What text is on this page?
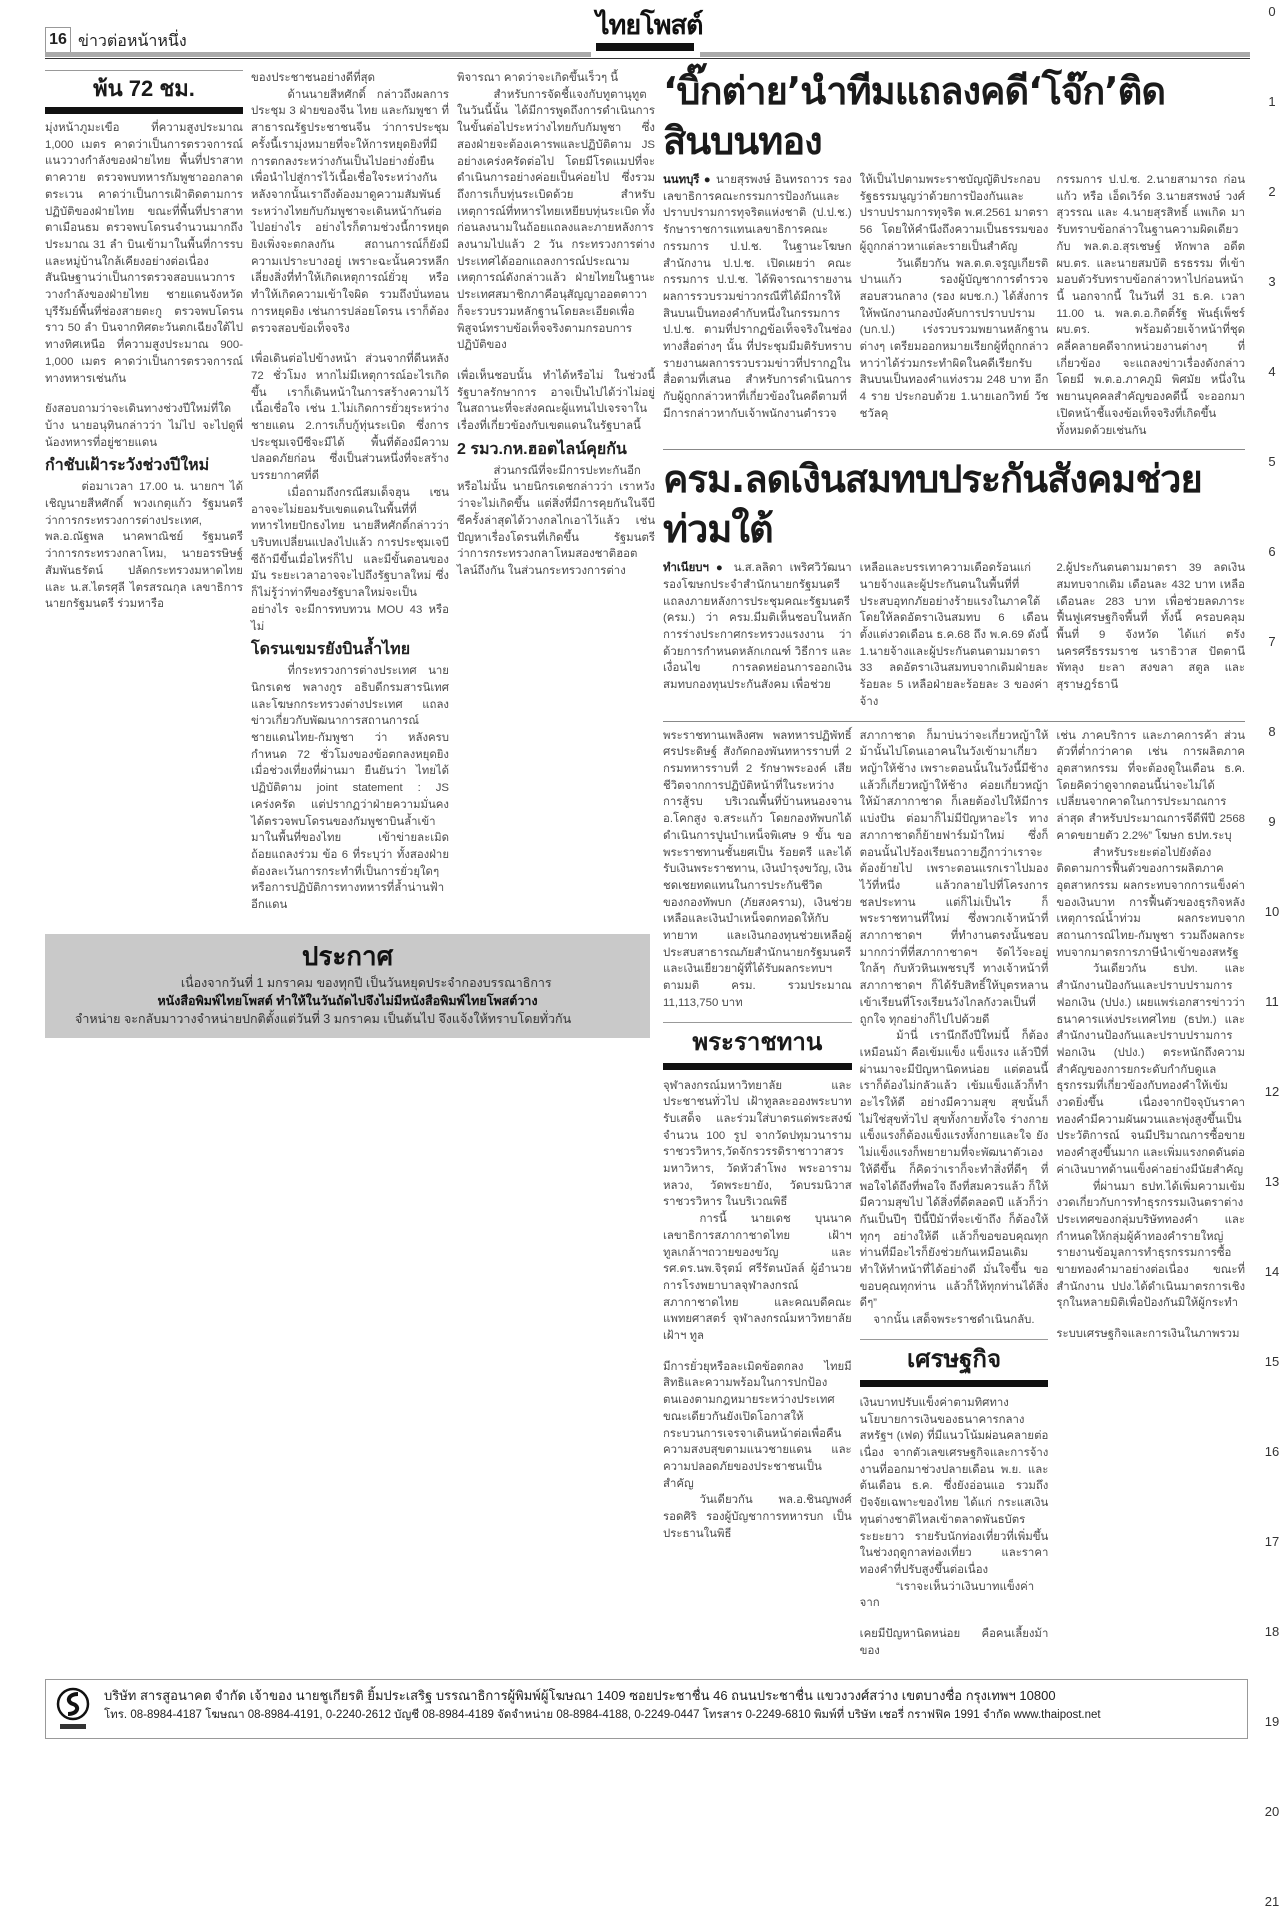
16 ข่าวต่อหน้าหนึ่ง
ไทยโพสต์
พ้น 72 ชม.

มุ่งหน้าภูมะเขือ ที่ความสูงประมาณ 1,000 เมตร คาดว่าเป็นการตรวจการณ์แนววางกำลังของฝ่ายไทย พื้นที่ปราสาทตาควาย ตรวจพบทหารกัมพูชาออกลาดตระเวน คาดว่าเป็นการเฝ้าติดตามการปฏิบัติของฝ่ายไทย ขณะที่พื้นที่ปราสาทตาเมือนธม ตรวจพบโดรนจำนวนมากถึงประมาณ 31 ลำ บินเข้ามาในพื้นที่การรบและหมู่บ้านใกล้เคียงอย่างต่อเนื่อง สันนิษฐานว่าเป็นการตรวจสอบแนวการวางกำลังของฝ่ายไทย ชายแดนจังหวัดบุรีรัมย์พื้นที่ช่องสายตะกู ตรวจพบโดรนราว 50 ลำ บินจากทิศตะวันตกเฉียงใต้ไปทางทิศเหนือ ที่ความสูงประมาณ 900-1,000 เมตร คาดว่าเป็นการตรวจการณ์ทางทหารเช่นกัน

ยังสอบถามว่าจะเดินทางช่วงปีใหม่ที่ใดบ้าง นายอนุทินกล่าวว่า ไม่ไป จะไปดูพี่น้องทหารที่อยู่ชายแดน

กำชับเฝ้าระวังช่วงปีใหม่

ต่อมาเวลา 17.00 น. นายกฯ ได้เชิญนายสีหศักดิ์ พวงเกตุแก้ว รัฐมนตรีว่าการกระทรวงการต่างประเทศ, พล.อ.ณัฐพล นาคพาณิชย์ รัฐมนตรีว่าการกระทรวงกลาโหม, นายอรรษิษฐ์ สัมพันธรัตน์ ปลัดกระทรวงมหาดไทย และ น.ส.ไตรศุลี ไตรสรณกุล เลขาธิการนายกรัฐมนตรี ร่วมหารือ

ของประชาชนอย่างดีที่สุด

ด้านนายสีหศักดิ์ กล่าวถึงผลการประชุม 3 ฝ่ายของจีน ไทย และกัมพูชา ที่สาธารณรัฐประชาชนจีน ว่าการประชุมครั้งนี้เรามุ่งหมายที่จะให้การหยุดยิงที่มีการตกลงระหว่างกันเป็นไปอย่างยั่งยืน เพื่อนำไปสู่การไว้เนื้อเชื่อใจระหว่างกัน หลังจากนั้นเราถึงต้องมาดูความสัมพันธ์ระหว่างไทยกับกัมพูชาจะเดินหน้ากันต่อไปอย่างไร อย่างไรก็ตามช่วงนี้การหยุดยิงเพิ่งจะตกลงกัน สถานการณ์ก็ยังมีความเปราะบางอยู่ เพราะฉะนั้นควรหลีกเลี่ยงสิ่งที่ทำให้เกิดเหตุการณ์ยั่วยุ หรือทำให้เกิดความเข้าใจผิด รวมถึงบั่นทอนการหยุดยิง เช่นการปล่อยโดรน เราก็ต้องตรวจสอบข้อเท็จจริง

เพื่อเดินต่อไปข้างหน้า ส่วนจากที่ดีนหลัง 72 ชั่วโมง หากไม่มีเหตุการณ์อะไรเกิดขึ้น เราก็เดินหน้าในการสร้างความไว้เนื้อเชื่อใจ เช่น 1.ไม่เกิดการยั่วยุระหว่างชายแดน 2.การเก็บกู้ทุ่นระเบิด ซึ่งการประชุมเจบีซีจะมีได้ พื้นที่ต้องมีความปลอดภัยก่อน ซึ่งเป็นส่วนหนึ่งที่จะสร้างบรรยากาศที่ดี

เมื่อถามถึงกรณีสมเด็จฮุน เซน อาจจะไม่ยอมรับเขตแดนในพื้นที่ที่ทหารไทยปักธงไทย นายสีหศักดิ์กล่าวว่า บริบทเปลี่ยนแปลงไปแล้ว การประชุมเจบีซีถ้ามีขึ้นเมื่อไหร่ก็ไป และมีขั้นตอนของมัน ระยะเวลาอาจจะไปถึงรัฐบาลใหม่ ซึ่งก็ไม่รู้ว่าท่าทีของรัฐบาลใหม่จะเป็นอย่างไร จะมีการทบทวน MOU 43 หรือไม่

โดรนเขมรยังบินล้ำไทย

ที่กระทรวงการต่างประเทศ นายนิกรเดช พลางกูร อธิบดีกรมสารนิเทศ และโฆษกกระทรวงต่างประเทศ แถลงข่าวเกี่ยวกับพัฒนาการสถานการณ์ชายแดนไทย-กัมพูชา ว่า หลังครบกำหนด 72 ชั่วโมงของข้อตกลงหยุดยิงเมื่อช่วงเที่ยงที่ผ่านมา ยืนยันว่า ไทยได้ปฏิบัติตาม joint statement : JS เคร่งครัด แต่ปรากฏว่าฝ่ายความมั่นคงได้ตรวจพบโดรนของกัมพูชาบินล้ำเข้ามาในพื้นที่ของไทย เข้าข่ายละเมิดถ้อยแถลงร่วม ข้อ 6 ที่ระบุว่า ทั้งสองฝ่ายต้องละเว้นการกระทำที่เป็นการยั่วยุใดๆ หรือการปฏิบัติการทางทหารที่ล้ำน่านฟ้าอีกแดน

พิจารณา คาดว่าจะเกิดขึ้นเร็วๆ นี้

สำหรับการจัดชี้แจงกับทูตานุทูตในวันนี้นั้น ได้มีการพูดถึงการดำเนินการในขั้นต่อไประหว่างไทยกับกัมพูชา ซึ่งสองฝ่ายจะต้องเคารพและปฏิบัติตาม JS อย่างเคร่งครัดต่อไป โดยมีโรดแมปที่จะดำเนินการอย่างค่อยเป็นค่อยไป ซึ่งรวมถึงการเก็บทุ่นระเบิดด้วย สำหรับเหตุการณ์ที่ทหารไทยเหยียบทุ่นระเบิด ทั้งก่อนลงนามในถ้อยแถลงและภายหลังการลงนามไปแล้ว 2 วัน กระทรวงการต่างประเทศได้ออกแถลงการณ์ประณามเหตุการณ์ดังกล่าวแล้ว ฝ่ายไทยในฐานะประเทศสมาชิกภาคีอนุสัญญาออตตาวา ก็จะรวบรวมหลักฐานโดยละเอียดเพื่อพิสูจน์ทราบข้อเท็จจริงตามกรอบการปฏิบัติของ

เพื่อเห็นชอบนั้น ทำได้หรือไม่ ในช่วงนี้รัฐบาลรักษาการ อาจเป็นไปได้ว่าไม่อยู่ในสถานะที่จะส่งคณะผู้แทนไปเจรจาในเรื่องที่เกี่ยวข้องกับเขตแดนในรัฐบาลนี้

2 รมว.กห.ฮอตไลน์คุยกัน

ส่วนกรณีที่จะมีการปะทะกันอีกหรือไม่นั้น นายนิกรเดชกล่าวว่า เราหวังว่าจะไม่เกิดขึ้น แต่สิ่งที่มีการคุยกันในจีบีซีครั้งล่าสุดได้วางกลไกเอาไว้แล้ว เช่น ปัญหาเรื่องโดรนที่เกิดขึ้น รัฐมนตรีว่าการกระทรวงกลาโหมสองชาติฮอตไลน์ถึงกัน ในส่วนกระทรวงการต่าง

ประกาศ
เนื่องจากวันที่ 1 มกราคม ของทุกปี เป็นวันหยุดประจำกองบรรณาธิการ
หนังสือพิมพ์ไทยโพสต์ ทำให้ในวันถัดไปจึงไม่มีหนังสือพิมพ์ไทยโพสต์วาง
จำหน่าย จะกลับมาวางจำหน่ายปกติตั้งแต่วันที่ 3 มกราคม เป็นต้นไป จึงแจ้งให้ทราบโดยทั่วกัน
‘บิ๊กต่าย’นำทีมแถลงคดี‘โจ๊ก’ติดสินบนทอง

นนทบุรี ● นายสุรพงษ์ อินทรถาวร รองเลขาธิการคณะกรรมการป้องกันและปราบปรามการทุจริตแห่งชาติ (ป.ป.ช.) รักษาราชการแทนเลขาธิการคณะกรรมการ ป.ป.ช. ในฐานะโฆษกสำนักงาน ป.ป.ช. เปิดเผยว่า คณะกรรมการ ป.ป.ช. ได้พิจารณารายงานผลการรวบรวมข่าวกรณีที่ได้มีการให้สินบนเป็นทองคำกับหนึ่งในกรรมการ ป.ป.ช. ตามที่ปรากฏข้อเท็จจริงในช่องทางสื่อต่างๆ นั้น ที่ประชุมมีมติรับทราบรายงานผลการรวบรวมข่าวที่ปรากฏในสื่อตามที่เสนอ สำหรับการดำเนินการกับผู้ถูกกล่าวหาที่เกี่ยวข้องในคดีตามที่มีการกล่าวหากับเจ้าพนักงานตำรวจ

ให้เป็นไปตามพระราชบัญญัติประกอบรัฐธรรมนูญว่าด้วยการป้องกันและปราบปรามการทุจริต พ.ศ.2561 มาตรา 56 โดยให้คำนึงถึงความเป็นธรรมของผู้ถูกกล่าวหาแต่ละรายเป็นสำคัญ

วันเดียวกัน พล.ต.ต.จรูญเกียรติ ปานแก้ว รองผู้บัญชาการตำรวจสอบสวนกลาง (รอง ผบช.ก.) ได้สั่งการให้พนักงานกองบังคับการปราบปราม (บก.ป.) เร่งรวบรวมพยานหลักฐานต่างๆ เตรียมออกหมายเรียกผู้ที่ถูกกล่าวหาว่าได้ร่วมกระทำผิดในคดีเรียกรับสินบนเป็นทองคำแท่งรวม 248 บาท อีก 4 ราย ประกอบด้วย 1.นายเอกวิทย์ วัชชวัลคุ

กรรมการ ป.ป.ช. 2.นายสามารถ ก่อนแก้ว หรือ เอ็ดเวิร์ด 3.นายสรพงษ์ วงศ์สุวรรณ และ 4.นายสุรสิทธิ์ แพเกิด มารับทราบข้อกล่าวในฐานความผิดเดียวกับ พล.ต.อ.สุรเชษฐ์ หักพาล อดีต ผบ.ตร. และนายสมบัติ ธรธรรม ที่เข้ามอบตัวรับทราบข้อกล่าวหาไปก่อนหน้านี้ นอกจากนี้ ในวันที่ 31 ธ.ค. เวลา 11.00 น. พล.ต.อ.กิตติ์รัฐ พันธุ์เพ็ชร์ ผบ.ตร. พร้อมด้วยเจ้าหน้าที่ชุดคลี่คลายคดีจากหน่วยงานต่างๆ ที่เกี่ยวข้อง จะแถลงข่าวเรื่องดังกล่าว โดยมี พ.ต.อ.ภาคภูมิ พิศมัย หนึ่งในพยานบุคคลสำคัญของคดีนี้ จะออกมาเปิดหน้าชี้แจงข้อเท็จจริงที่เกิดขึ้นทั้งหมดด้วยเช่นกัน

ครม.ลดเงินสมทบประกันสังคมช่วยท่วมใต้

ทำเนียบฯ ● น.ส.ลลิดา เพริศวิวัฒนา รองโฆษกประจำสำนักนายกรัฐมนตรี แถลงภายหลังการประชุมคณะรัฐมนตรี (ครม.) ว่า ครม.มีมติเห็นชอบในหลักการร่างประกาศกระทรวงแรงงาน ว่าด้วยการกำหนดหลักเกณฑ์ วิธีการ และเงื่อนไข การลดหย่อนการออกเงินสมทบกองทุนประกันสังคม เพื่อช่วย

เหลือและบรรเทาความเดือดร้อนแก่นายจ้างและผู้ประกันตนในพื้นที่ที่ประสบอุทกภัยอย่างร้ายแรงในภาคใต้ โดยให้ลดอัตราเงินสมทบ 6 เดือน ตั้งแต่งวดเดือน ธ.ค.68 ถึง พ.ค.69 ดังนี้ 1.นายจ้างและผู้ประกันตนตามมาตรา 33 ลดอัตราเงินสมทบจากเดิมฝ่ายละร้อยละ 5 เหลือฝ่ายละร้อยละ 3 ของค่าจ้าง

2.ผู้ประกันตนตามมาตรา 39 ลดเงินสมทบจากเดิม เดือนละ 432 บาท เหลือเดือนละ 283 บาท เพื่อช่วยลดภาระฟื้นฟูเศรษฐกิจพื้นที่ ทั้งนี้ ครอบคลุมพื้นที่ 9 จังหวัด ได้แก่ ตรัง นครศรีธรรมราช นราธิวาส ปัตตานี พัทลุง ยะลา สงขลา สตูล และสุราษฎร์ธานี

พระราชทานเพลิงศพ พลทหารปฏิพัทธิ์ ศรประดิษฐ์ สังกัดกองพันทหารราบที่ 2 กรมทหารราบที่ 2 รักษาพระองค์ เสียชีวิตจากการปฏิบัติหน้าที่ในระหว่างการสู้รบ บริเวณพื้นที่บ้านหนองจาน อ.โคกสูง จ.สระแก้ว โดยกองทัพบกได้ดำเนินการปูนบำเหน็จพิเศษ 9 ขั้น ขอพระราชทานชั้นยศเป็น ร้อยตรี และได้รับเงินพระราชทาน, เงินบำรุงขวัญ, เงินชดเชยทดแทนในการประกันชีวิตของกองทัพบก (ภัยสงคราม), เงินช่วยเหลือและเงินบำเหน็จตกทอดให้กับทายาท และเงินกองทุนช่วยเหลือผู้ประสบสาธารณภัยสำนักนายกรัฐมนตรีและเงินเยียวยาผู้ที่ได้รับผลกระทบฯ ตามมติ ครม. รวมประมาณ 11,113,750 บาท

พระราชทาน

จุฬาลงกรณ์มหาวิทยาลัย และประชาชนทั่วไป เฝ้าทูลละอองพระบาทรับเสด็จ และร่วมใส่บาตรแด่พระสงฆ์จำนวน 100 รูป จากวัดปทุมวนารามราชวรวิหาร,วัดจักรวรรดิราชาวาสวรมหาวิหาร, วัดหัวลำโพง พระอารามหลวง, วัดพระยายัง, วัดบรมนิวาสราชวรวิหาร ในบริเวณพิธี

การนี้ นายเดช บุนนาค เลขาธิการสภากาชาดไทย เฝ้าฯ ทูลเกล้าฯถวายของขวัญ และ รศ.ดร.นพ.จิรุตม์ ศรีรัตนบัลล์ ผู้อำนวยการโรงพยาบาลจุฬาลงกรณ์ สภากาชาดไทย และคณบดีคณะแพทยศาสตร์ จุฬาลงกรณ์มหาวิทยาลัย เฝ้าฯ ทูล

มีการยั่วยุหรือละเมิดข้อตกลง ไทยมีสิทธิและความพร้อมในการปกป้องตนเองตามกฎหมายระหว่างประเทศ ขณะเดียวกันยังเปิดโอกาสให้กระบวนการเจรจาเดินหน้าต่อเพื่อคืนความสงบสุขตามแนวชายแดน และความปลอดภัยของประชาชนเป็นสำคัญ

วันเดียวกัน พล.อ.ชินญพงศ์ รอดศิริ รองผู้บัญชาการทหารบก เป็นประธานในพิธี

สภากาชาด ก็มาบ่นว่าจะเกี่ยวหญ้าให้ม้านั้นไปโดนเอาคนในวังเข้ามาเกี่ยวหญ้าให้ช้าง เพราะตอนนั้นในวังนี้มีช้างแล้วก็เกี่ยวหญ้าให้ช้าง ค่อยเกี่ยวหญ้าให้ม้าสภากาชาด ก็เลยต้องไปให้มีการแบ่งปัน ต่อมาก็ไม่มีปัญหาอะไร ทางสภากาชาดก็ย้ายฟาร์มม้าใหม่ ซึ่งก็ตอนนั้นไปร้องเรียนถวายฎีกาว่าเราจะต้องย้ายไป เพราะตอนแรกเราไปมองไว้ที่หนึ่ง แล้วกลายไปที่โครงการชลประทาน แต่ก็ไม่เป็นไร ก็พระราชทานที่ใหม่ ซึ่งพวกเจ้าหน้าที่สภากาชาดฯ ที่ทำงานตรงนั้นชอบมากกว่าที่ที่สภากาชาดฯ จัดไว้จะอยู่ใกล้ๆ กับหัวหินเพชรบุรี ทางเจ้าหน้าที่สภากาชาดฯ ก็ได้รับสิทธิ์ให้บุตรหลานเข้าเรียนที่โรงเรียนวังไกลกังวลเป็นที่ถูกใจ ทุกอย่างก็ไปไปด้วยดี

ม้านี่ เรานึกถึงปีใหม่นี้ ก็ต้องเหมือนม้า คือเข้มแข็ง แข็งแรง แล้วปีที่ผ่านมาจะมีปัญหานิดหน่อย แต่ตอนนี้เราก็ต้องไม่กลัวแล้ว เข้มแข็งแล้วก็ทำอะไรให้ดี อย่างมีความสุข สุขนั้นก็ไม่ใช่สุขทั่วไป สุขทั้งกายทั้งใจ ร่างกายแข็งแรงก็ต้องแข็งแรงทั้งกายและใจ ยังไม่แข็งแรงก็พยายามที่จะพัฒนาตัวเองให้ดีขึ้น ก็คิดว่าเราก็จะทำสิ่งที่ดีๆ ที่พอใจได้ถึงที่พอใจ ถึงที่สมควรแล้ว ก็ให้มีความสุขไป ได้สิ่งที่ดีตลอดปี แล้วก็ว่ากันเป็นปีๆ ปีนี้ปีม้าที่จะเข้าถึง ก็ต้องให้ทุกๆ อย่างให้ดี แล้วก็ขอขอบคุณทุกท่านที่มีอะไรก็ยังช่วยกันเหมือนเดิม ทำให้ทำหน้าที่ได้อย่างดี มั่นใจขึ้น ขอขอบคุณทุกท่าน แล้วก็ให้ทุกท่านได้สิ่งดีๆ”

จากนั้น เสด็จพระราชดำเนินกลับ.

เศรษฐกิจ

เงินบาทปรับแข็งค่าตามทิศทางนโยบายการเงินของธนาคารกลางสหรัฐฯ (เฟด) ที่มีแนวโน้มผ่อนคลายต่อเนื่อง จากตัวเลขเศรษฐกิจและการจ้างงานที่ออกมาช่วงปลายเดือน พ.ย. และต้นเดือน ธ.ค. ซึ่งยังอ่อนแอ รวมถึงปัจจัยเฉพาะของไทย ได้แก่ กระแสเงินทุนต่างชาติไหลเข้าตลาดพันธบัตรระยะยาว รายรับนักท่องเที่ยวที่เพิ่มขึ้นในช่วงฤดูกาลท่องเที่ยว และราคาทองคำที่ปรับสูงขึ้นต่อเนื่อง

“เราจะเห็นว่าเงินบาทแข็งค่าจาก

เคยมีปัญหานิดหน่อย คือคนเลี้ยงม้าของ

เช่น ภาคบริการ และภาคการค้า ส่วนตัวที่ต่ำกว่าคาด เช่น การผลิตภาคอุตสาหกรรม ที่จะต้องดูในเดือน ธ.ค. โดยคิดว่าดูจากตอนนี้น่าจะไม่ได้เปลี่ยนจากคาดในการประมาณการล่าสุด สำหรับประมาณการจีดีพีปี 2568 คาดขยายตัว 2.2%” โฆษก ธปท.ระบุ

สำหรับระยะต่อไปยังต้องติดตามการฟื้นตัวของการผลิตภาคอุตสาหกรรม ผลกระทบจากการแข็งค่าของเงินบาท การฟื้นตัวของธุรกิจหลังเหตุการณ์น้ำท่วม ผลกระทบจากสถานการณ์ไทย-กัมพูชา รวมถึงผลกระทบจากมาตรการภาษีนำเข้าของสหรัฐ

วันเดียวกัน ธปท. และสำนักงานป้องกันและปราบปรามการฟอกเงิน (ปปง.) เผยแพร่เอกสารข่าวว่า ธนาคารแห่งประเทศไทย (ธปท.) และสำนักงานป้องกันและปราบปรามการฟอกเงิน (ปปง.) ตระหนักถึงความสำคัญของการยกระดับกำกับดูแลธุรกรรมที่เกี่ยวข้องกับทองคำให้เข้มงวดยิ่งขึ้น เนื่องจากปัจจุบันราคาทองคำมีความผันผวนและพุ่งสูงขึ้นเป็นประวัติการณ์ จนมีปริมาณการซื้อขายทองคำสูงขึ้นมาก และเพิ่มแรงกดดันต่อค่าเงินบาทด้านแข็งค่าอย่างมีนัยสำคัญ

ที่ผ่านมา ธปท.ได้เพิ่มความเข้มงวดเกี่ยวกับการทำธุรกรรมเงินตราต่างประเทศของกลุ่มบริษัททองคำ และกำหนดให้กลุ่มผู้ค้าทองคำรายใหญ่รายงานข้อมูลการทำธุรกรรมการซื้อขายทองคำมาอย่างต่อเนื่อง ขณะที่สำนักงาน ปปง.ได้ดำเนินมาตรการเชิงรุกในหลายมิติเพื่อป้องกันมิให้ผู้กระทำ

ระบบเศรษฐกิจและการเงินในภาพรวม

บริษัท สารสูอนาคต จำกัด เจ้าของ นายชูเกียรติ ยิ้มประเสริฐ บรรณาธิการผู้พิมพ์ผู้โฆษณา 1409 ซอยประชาชื่น 46 ถนนประชาชื่น แขวงวงศ์สว่าง เขตบางซื่อ กรุงเทพฯ 10800
โทร. 08-8984-4187 โฆษณา 08-8984-4191, 0-2240-2612 บัญชี 08-8984-4189 จัดจำหน่าย 08-8984-4188, 0-2249-0447 โทรสาร 0-2249-6810 พิมพ์ที่ บริษัท เชอรี่ กราฟฟิค 1991 จำกัด www.thaipost.net
0
1
2
3
4
5
6
7
8
9
10
11
12
13
14
15
16
17
18
19
20
21
